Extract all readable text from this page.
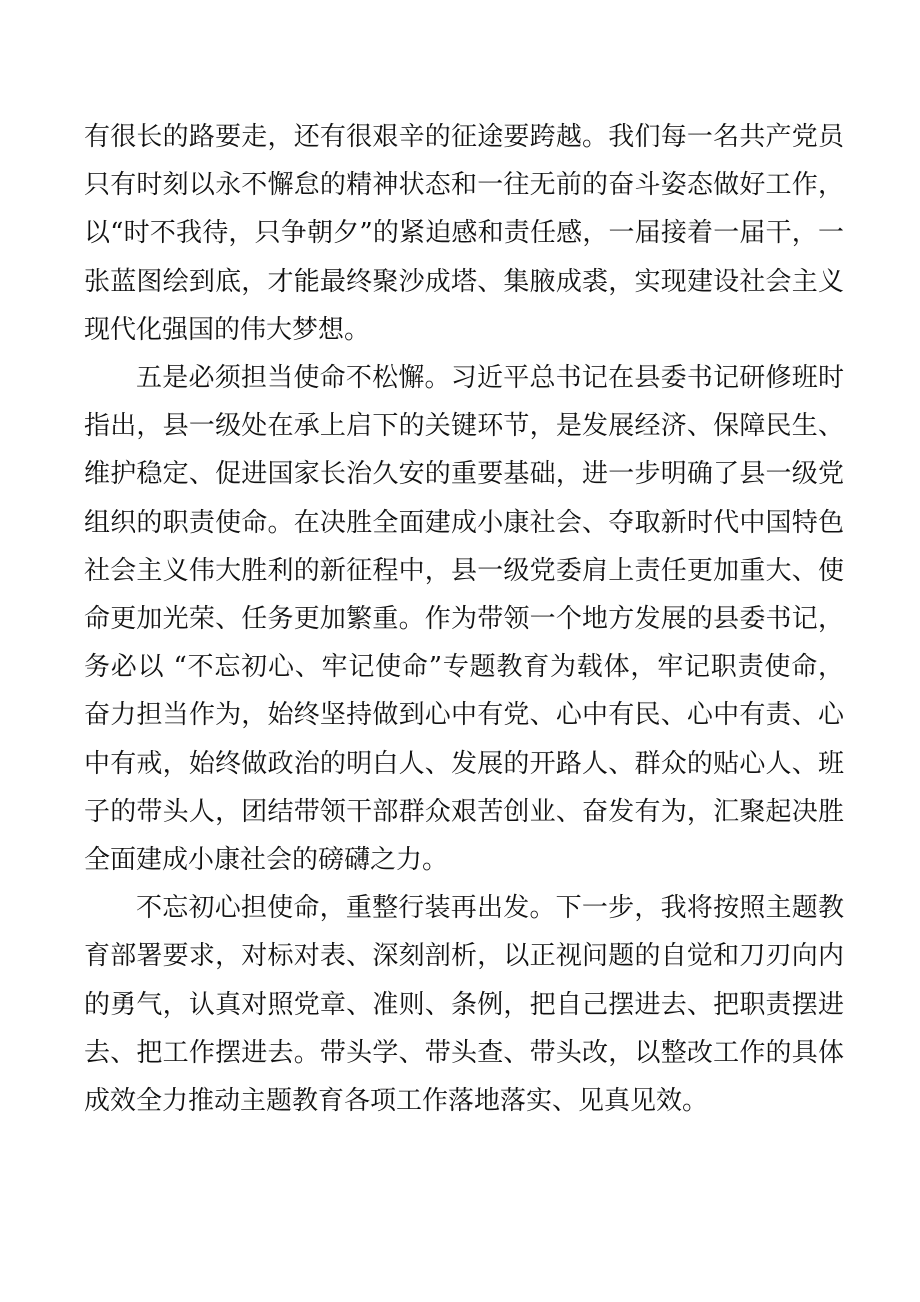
有很长的路要走，还有很艰辛的征途要跨越。我们每一名共产党员只有时刻以永不懈怠的精神状态和一往无前的奋斗姿态做好工作，以“时不我待，只争朝夕”的紧迫感和责任感，一届接着一届干，一张蓝图绘到底，才能最终聚沙成塔、集腋成裘，实现建设社会主义现代化强国的伟大梦想。

五是必须担当使命不松懈。习近平总书记在县委书记研修班时指出，县一级处在承上启下的关键环节，是发展经济、保障民生、维护稳定、促进国家长治久安的重要基础，进一步明确了县一级党组织的职责使命。在决胜全面建成小康社会、夺取新时代中国特色社会主义伟大胜利的新征程中，县一级党委肩上责任更加重大、使命更加光荣、任务更加繁重。作为带领一个地方发展的县委书记，务必以 “不忘初心、牢记使命”专题教育为载体，牢记职责使命，奋力担当作为，始终坚持做到心中有党、心中有民、心中有责、心中有戒，始终做政治的明白人、发展的开路人、群众的贴心人、班子的带头人，团结带领干部群众艰苦创业、奋发有为，汇聚起决胜全面建成小康社会的磅礴之力。

不忘初心担使命，重整行装再出发。下一步，我将按照主题教育部署要求，对标对表、深刻剖析，以正视问题的自觉和刀刃向内的勇气，认真对照党章、准则、条例，把自己摆进去、把职责摆进去、把工作摆进去。带头学、带头查、带头改，以整改工作的具体成效全力推动主题教育各项工作落地落实、见真见效。
